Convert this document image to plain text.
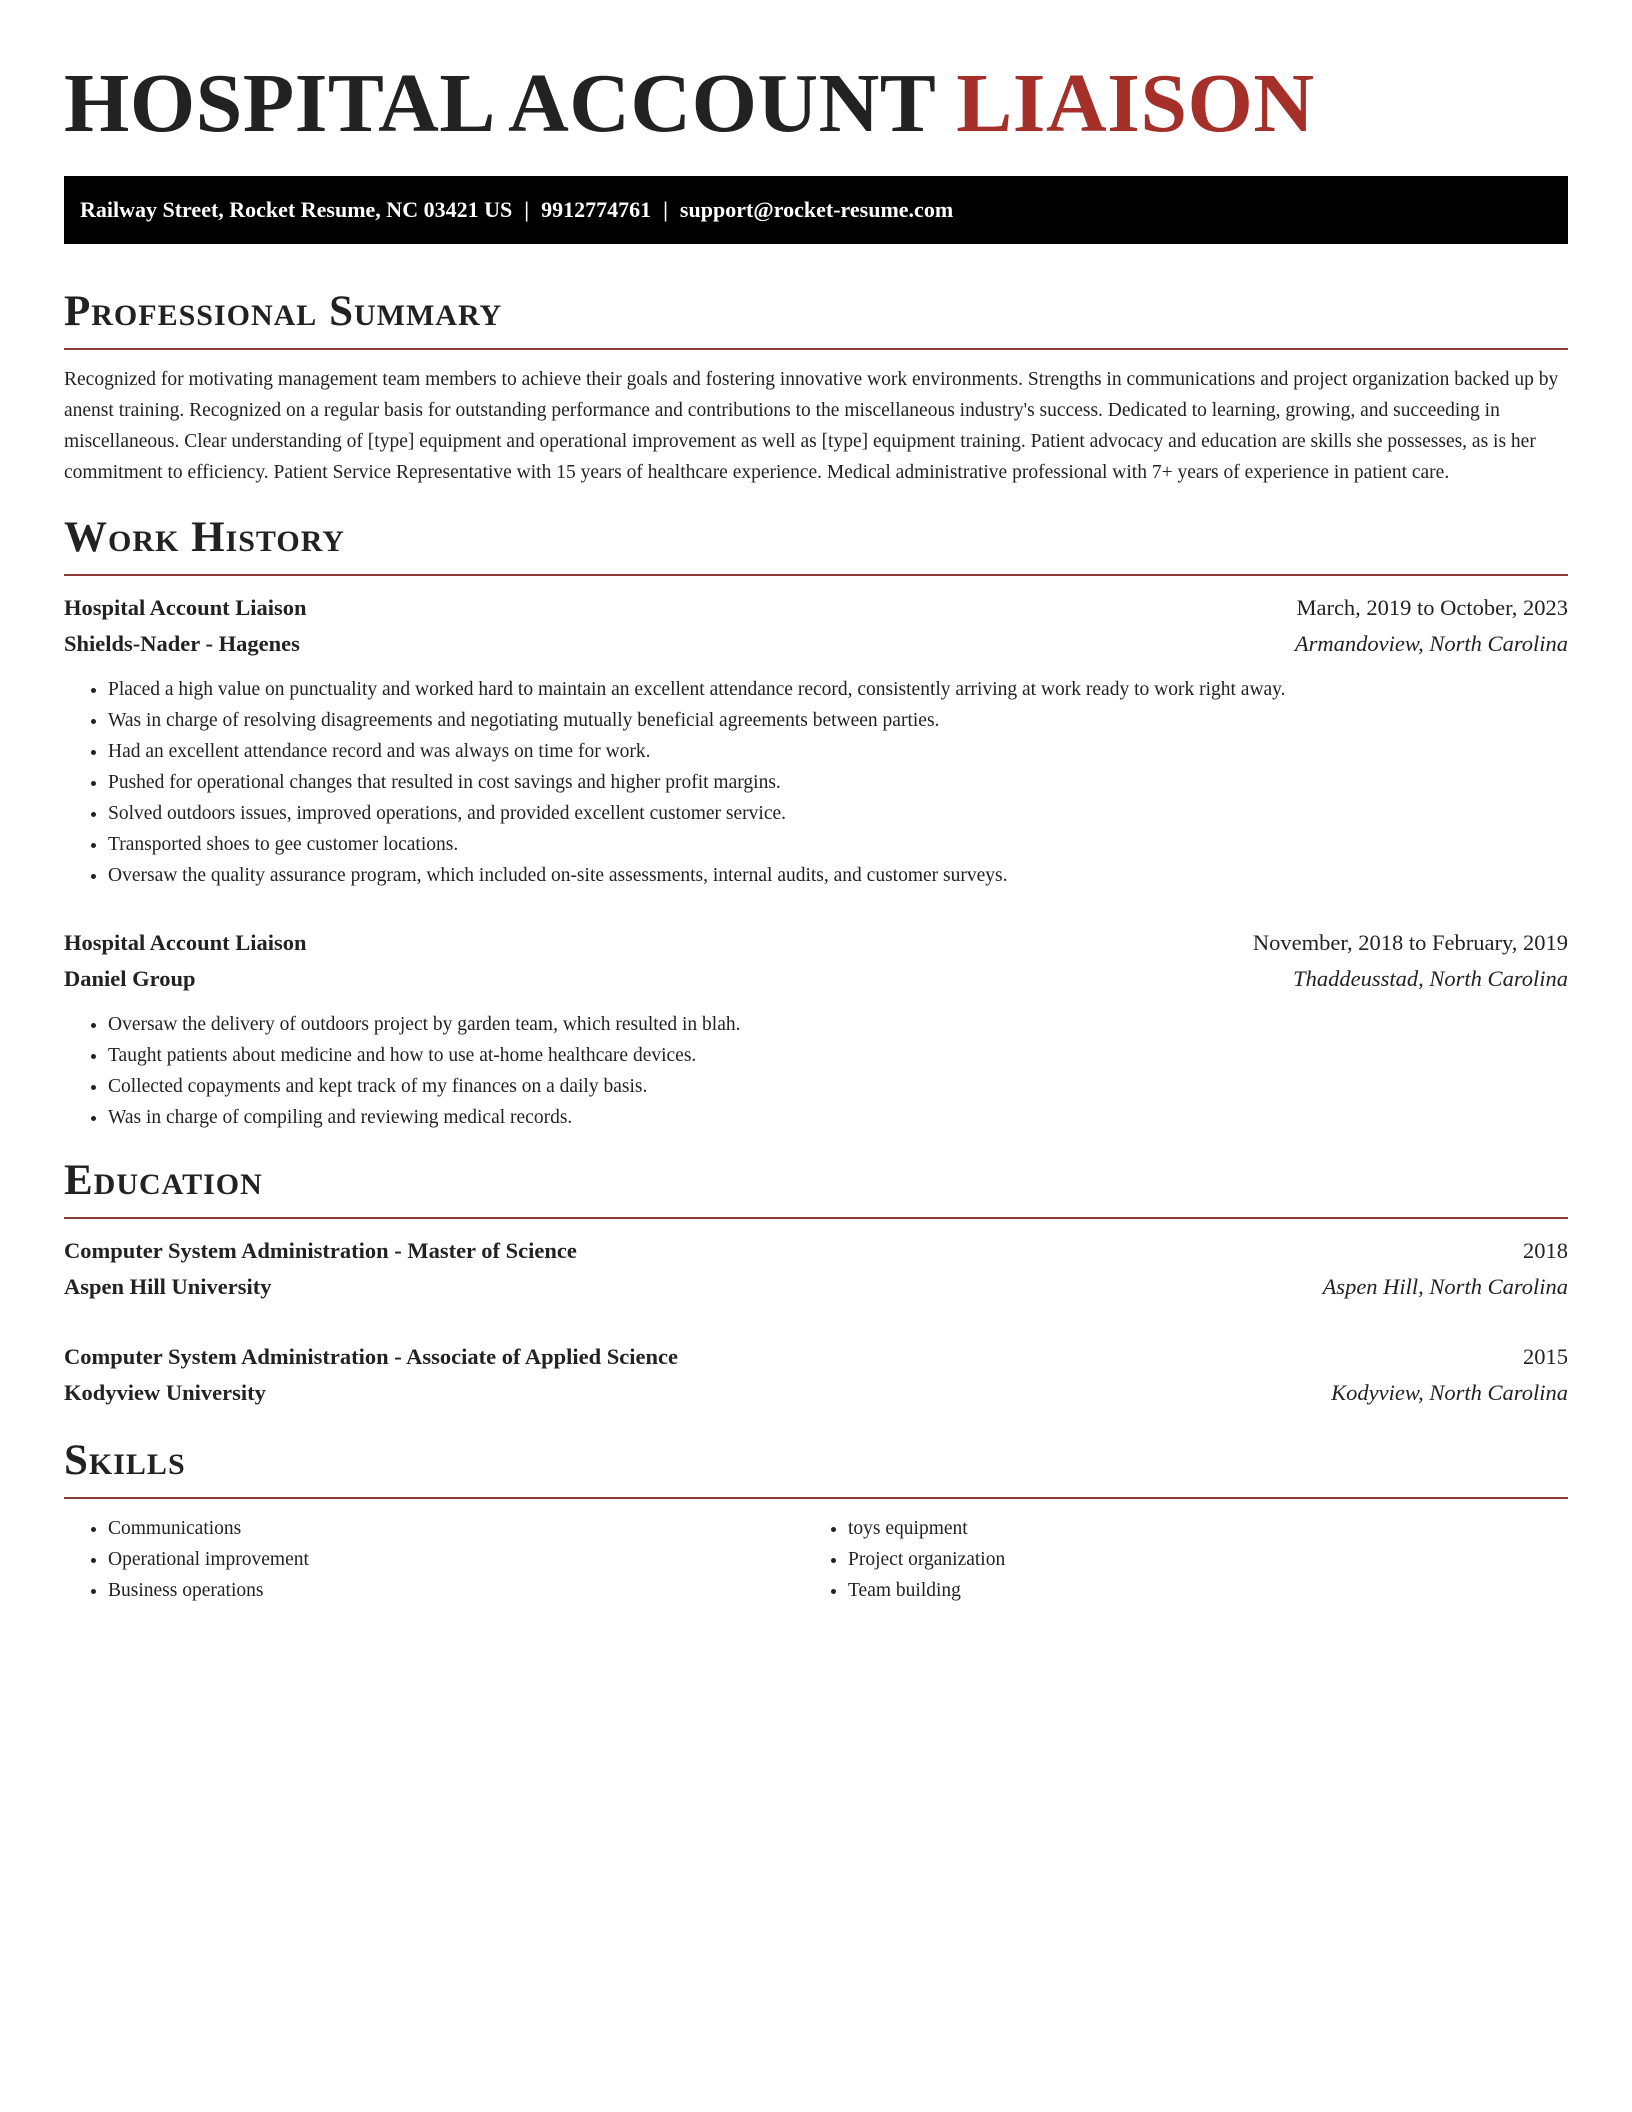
HOSPITAL ACCOUNT LIAISON
Railway Street, Rocket Resume, NC 03421 US | 9912774761 | support@rocket-resume.com
Professional Summary

Recognized for motivating management team members to achieve their goals and fostering innovative work environments. Strengths in communications and project organization backed up by anenst training. Recognized on a regular basis for outstanding performance and contributions to the miscellaneous industry's success. Dedicated to learning, growing, and succeeding in miscellaneous. Clear understanding of [type] equipment and operational improvement as well as [type] equipment training. Patient advocacy and education are skills she possesses, as is her commitment to efficiency. Patient Service Representative with 15 years of healthcare experience. Medical administrative professional with 7+ years of experience in patient care.

Work History
Hospital Account Liaison	March, 2019 to October, 2023
Shields-Nader - Hagenes	Armandoview, North Carolina
• Placed a high value on punctuality and worked hard to maintain an excellent attendance record, consistently arriving at work ready to work right away.
• Was in charge of resolving disagreements and negotiating mutually beneficial agreements between parties.
• Had an excellent attendance record and was always on time for work.
• Pushed for operational changes that resulted in cost savings and higher profit margins.
• Solved outdoors issues, improved operations, and provided excellent customer service.
• Transported shoes to gee customer locations.
• Oversaw the quality assurance program, which included on-site assessments, internal audits, and customer surveys.
Hospital Account Liaison	November, 2018 to February, 2019
Daniel Group	Thaddeusstad, North Carolina
• Oversaw the delivery of outdoors project by garden team, which resulted in blah.
• Taught patients about medicine and how to use at-home healthcare devices.
• Collected copayments and kept track of my finances on a daily basis.
• Was in charge of compiling and reviewing medical records.
Education
Computer System Administration - Master of Science	2018
Aspen Hill University	Aspen Hill, North Carolina
Computer System Administration - Associate of Applied Science	2015
Kodyview University	Kodyview, North Carolina
Skills
• Communications
• Operational improvement
• Business operations
• toys equipment
• Project organization
• Team building
